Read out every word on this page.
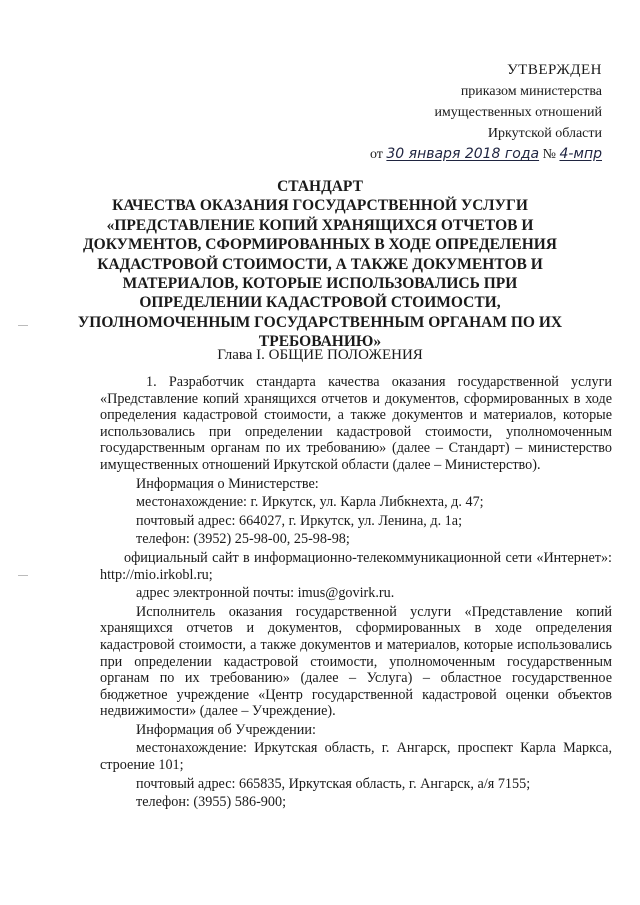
УТВЕРЖДЕН
приказом министерства
имущественных отношений
Иркутской области
от 30 января 2018 года № 4-мпр
СТАНДАРТ
КАЧЕСТВА ОКАЗАНИЯ ГОСУДАРСТВЕННОЙ УСЛУГИ
«ПРЕДСТАВЛЕНИЕ КОПИЙ ХРАНЯЩИХСЯ ОТЧЕТОВ И
ДОКУМЕНТОВ, СФОРМИРОВАННЫХ В ХОДЕ ОПРЕДЕЛЕНИЯ
КАДАСТРОВОЙ СТОИМОСТИ, А ТАКЖЕ ДОКУМЕНТОВ И
МАТЕРИАЛОВ, КОТОРЫЕ ИСПОЛЬЗОВАЛИСЬ ПРИ
ОПРЕДЕЛЕНИИ КАДАСТРОВОЙ СТОИМОСТИ,
УПОЛНОМОЧЕННЫМ ГОСУДАРСТВЕННЫМ ОРГАНАМ ПО ИХ
ТРЕБОВАНИЮ»
Глава I. ОБЩИЕ ПОЛОЖЕНИЯ
1. Разработчик стандарта качества оказания государственной услуги «Представление копий хранящихся отчетов и документов, сформированных в ходе определения кадастровой стоимости, а также документов и материалов, которые использовались при определении кадастровой стоимости, уполномоченным государственным органам по их требованию» (далее – Стандарт) – министерство имущественных отношений Иркутской области (далее – Министерство).
Информация о Министерстве:
местонахождение: г. Иркутск, ул. Карла Либкнехта, д. 47;
почтовый адрес: 664027, г. Иркутск, ул. Ленина, д. 1а;
телефон: (3952) 25-98-00, 25-98-98;
официальный сайт в информационно-телекоммуникационной сети «Интернет»: http://mio.irkobl.ru;
адрес электронной почты: imus@govirk.ru.
Исполнитель оказания государственной услуги «Представление копий хранящихся отчетов и документов, сформированных в ходе определения кадастровой стоимости, а также документов и материалов, которые использовались при определении кадастровой стоимости, уполномоченным государственным органам по их требованию» (далее – Услуга) – областное государственное бюджетное учреждение «Центр государственной кадастровой оценки объектов недвижимости» (далее – Учреждение).
Информация об Учреждении:
местонахождение: Иркутская область, г. Ангарск, проспект Карла Маркса, строение 101;
почтовый адрес: 665835, Иркутская область, г. Ангарск, а/я 7155;
телефон: (3955) 586-900;
